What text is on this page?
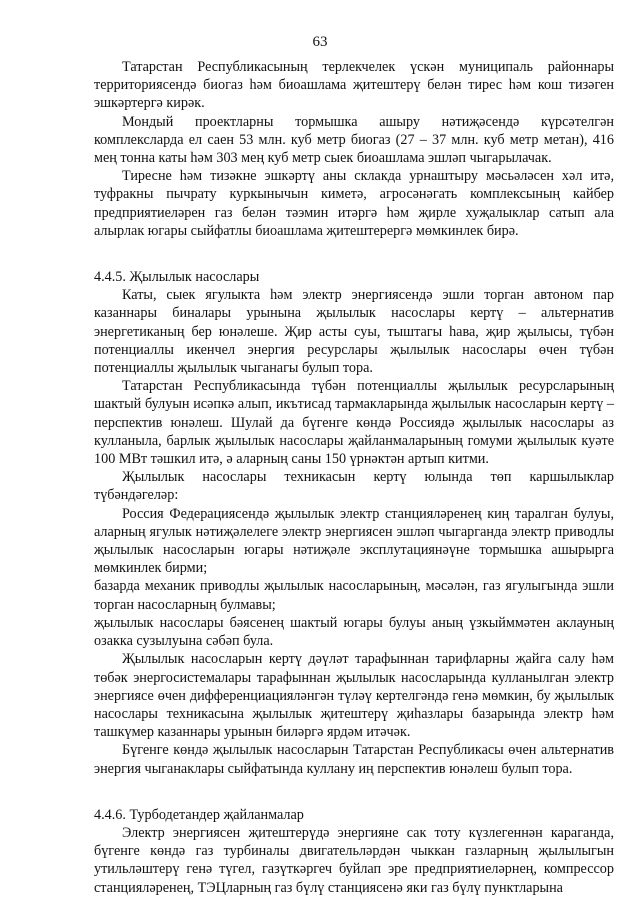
63

Татарстан Республикасының терлекчелек үскән муниципаль районнары территориясендә биогаз һәм биоашлама җитештерү белән тирес һәм кош тизәген эшкәртергә кирәк.

Мондый проектларны тормышка ашыру нәтиҗәсендә күрсәтелгән комплексларда ел саен 53 млн. куб метр биогаз (27 – 37 млн. куб метр метан), 416 мең тонна каты һәм 303 мең куб метр сыек биоашлама эшләп чыгарылачак.

Тиресне һәм тизәкне эшкәртү аны склакда урнаштыру мәсьәләсен хәл итә, туфракны пычрату куркынычын киметә, агросәнәгать комплексының кайбер предприятиеләрен газ белән тәэмин итәргә һәм җирле хуҗалыклар сатып ала алырлак югары сыйфатлы биоашлама җитештерергә мөмкинлек бирә.

4.4.5. Җылылык насослары

Каты, сыек ягулыкта һәм электр энергиясендә эшли торган автоном пар казаннары биналары урынына җылылык насослары кертү – альтернатив энергетиканың бер юнәлеше. Җир асты суы, тыштагы һава, җир җылысы, түбән потенциаллы икенчел энергия ресурслары җылылык насослары өчен түбән потенциаллы җылылык чыганагы булып тора.

Татарстан Республикасында түбән потенциаллы җылылык ресурсларының шактый булуын исәпкә алып, икътисад тармакларында җылылык насосларын кертү – перспектив юнәлеш. Шулай да бүгенге көндә Россиядә җылылык насослары аз кулланыла, барлык җылылык насослары җайланмаларының гомуми җылылык куәте 100 МВт тәшкил итә, ә аларның саны 150 үрнәктән артып китми.

Җылылык насослары техникасын кертү юлында төп каршылыклар түбәндәгеләр:

Россия Федерациясендә җылылык электр станцияләренең киң таралган булуы, аларның ягулык нәтиҗәлелеге электр энергиясен эшләп чыгарганда электр приводлы җылылык насосларын югары нәтиҗәле эксплутациянәүне тормышка ашырырга мөмкинлек бирми;

базарда механик приводлы җылылык насосларының, мәсәлән, газ ягулыгында эшли торган насосларның булмавы;

җылылык насослары бәясенең шактый югары булуы аның үзкыйммәтен аклауның озакка сузылуына сәбәп була.

Җылылык насосларын кертү дәүләт тарафыннан тарифларны җайга салу һәм төбәк энергосистемалары тарафыннан җылылык насосларында кулланылган электр энергиясе өчен дифференциацияләнгән түләү кертелгәндә генә мөмкин, бу җылылык насослары техникасына җылылык җитештерү җиһазлары базарында электр һәм ташкүмер казаннары урынын биләргә ярдәм итәчәк.

Бүгенге көндә җылылык насосларын Татарстан Республикасы өчен альтернатив энергия чыганаклары сыйфатында куллану иң перспектив юнәлеш булып тора.

4.4.6. Турбодетандер җайланмалар

Электр энергиясен җитештерүдә энергияне сак тоту күзлегеннән караганда, бүгенге көндә газ турбиналы двигательләрдән чыккан газларның җылылыгын утильләштерү генә түгел, газүткәргеч буйлап эре предприятиеләрнең, компрессор станцияләренең, ТЭЦларның газ бүлү станциясенә яки газ бүлү пунктларына
